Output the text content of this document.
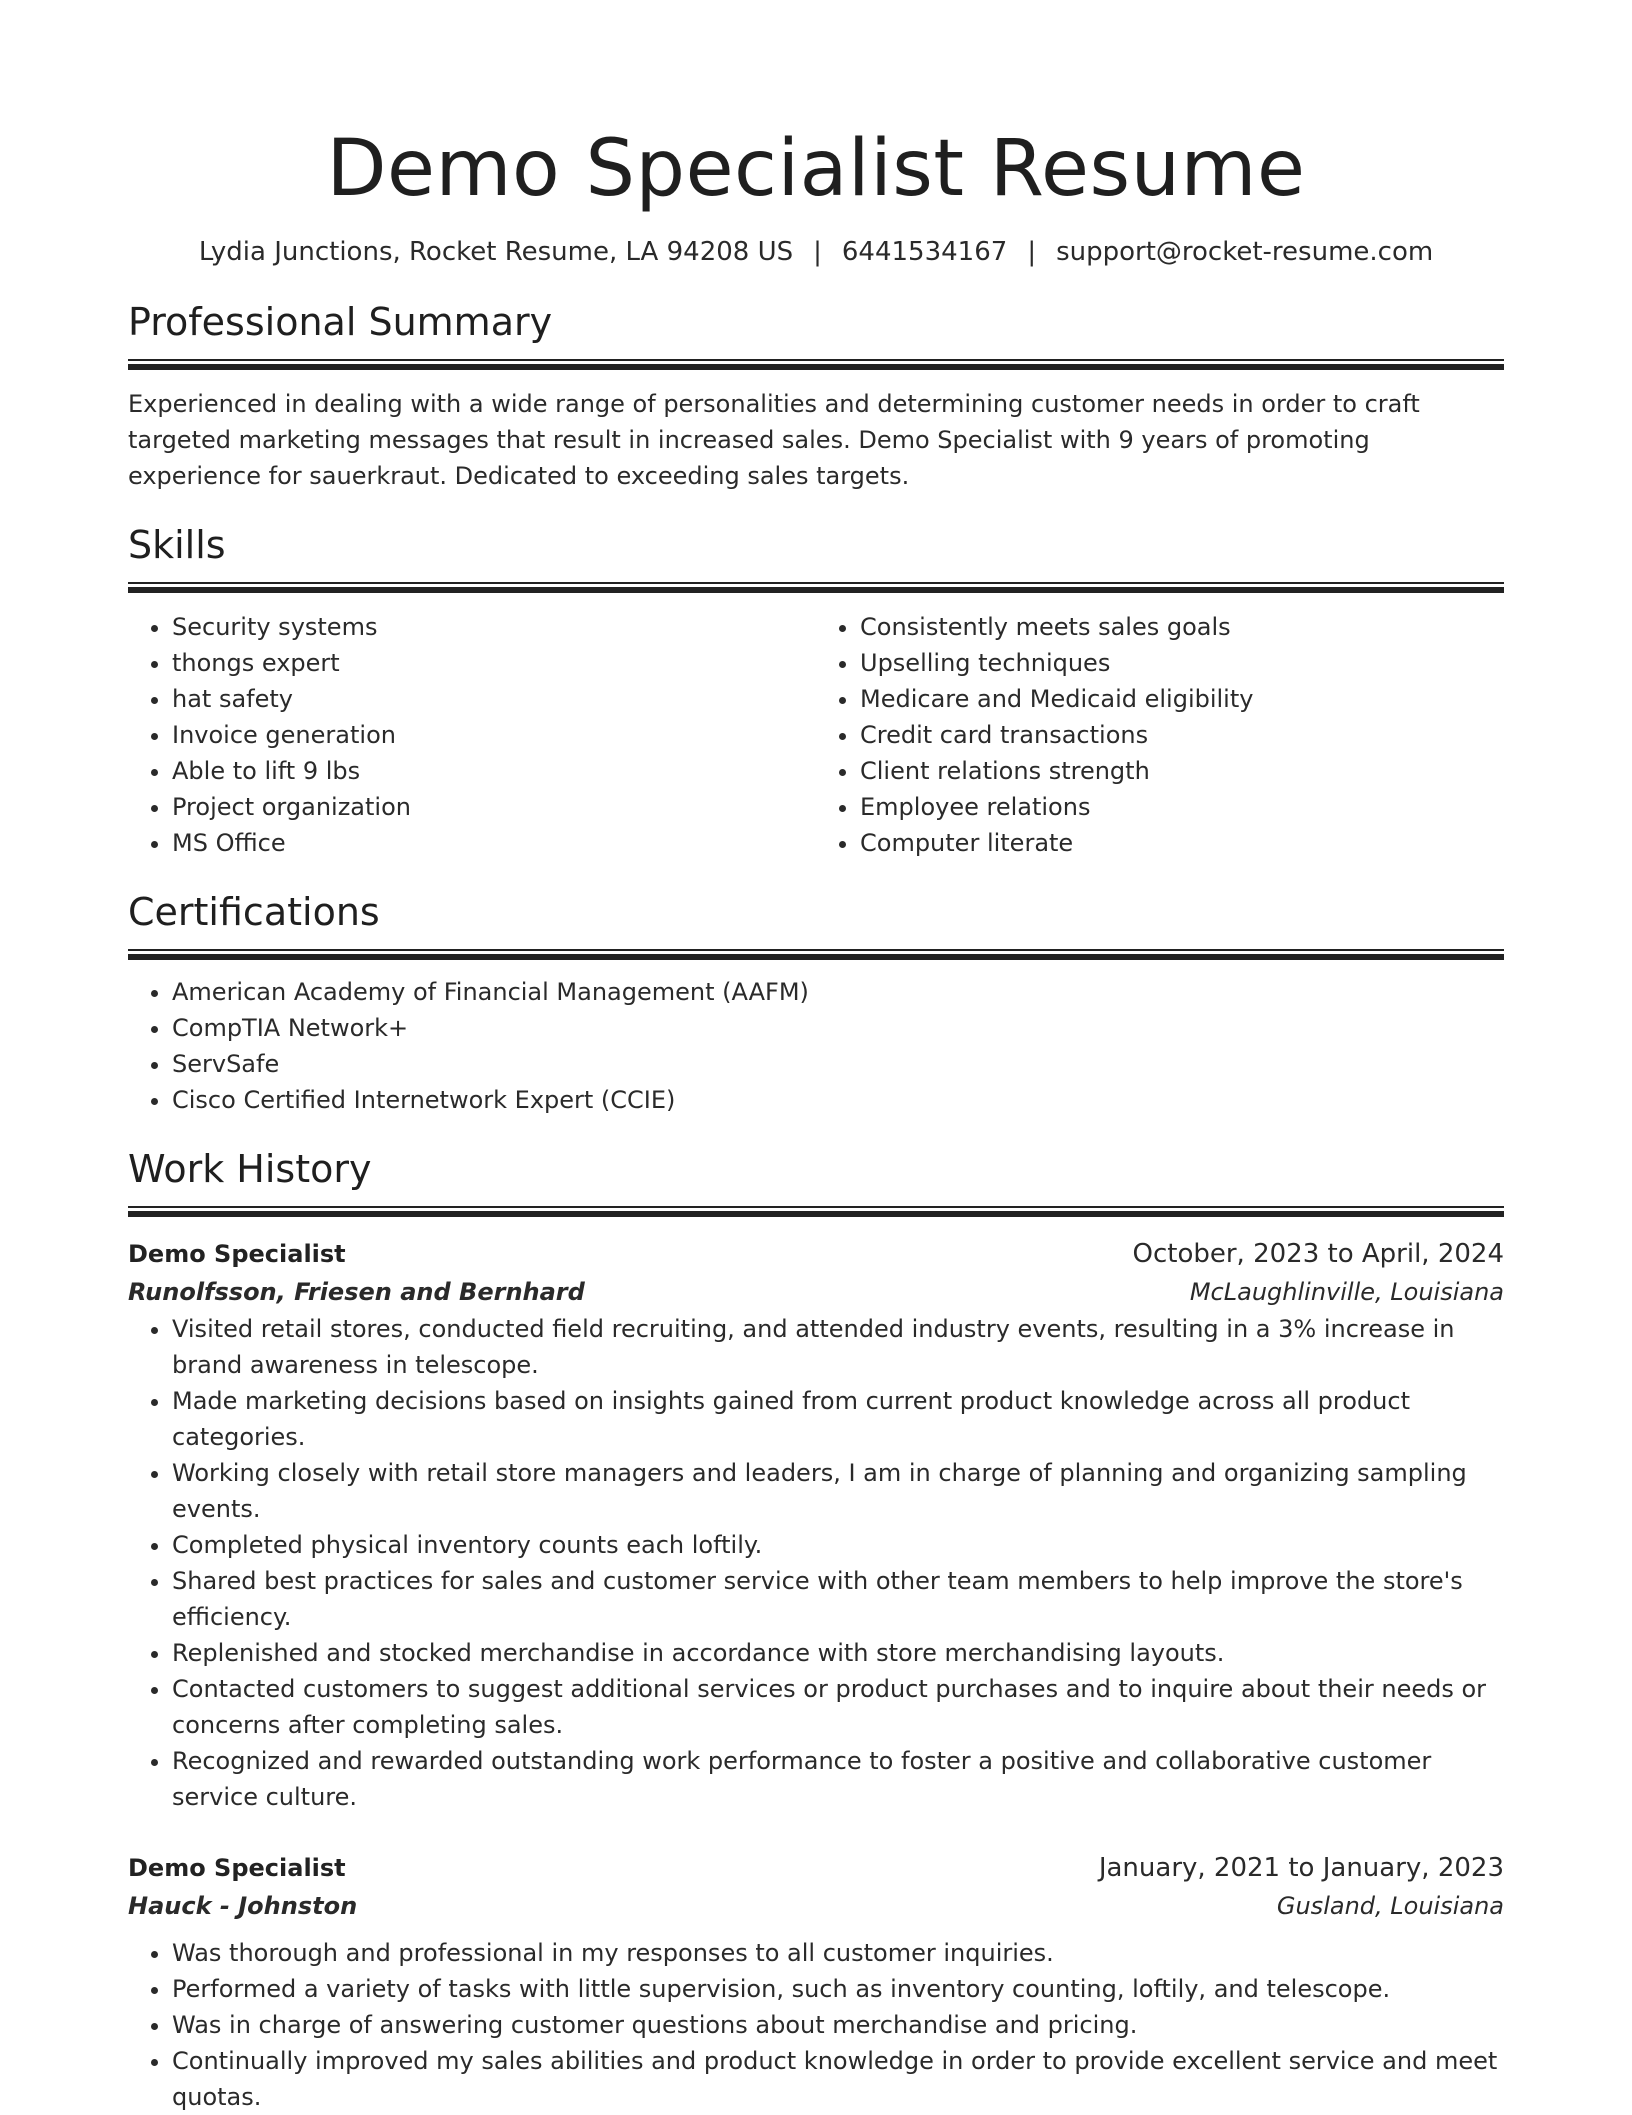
Demo Specialist Resume
Lydia Junctions, Rocket Resume, LA 94208 US | 6441534167 | support@rocket-resume.com
Professional Summary

Experienced in dealing with a wide range of personalities and determining customer needs in order to craft targeted marketing messages that result in increased sales. Demo Specialist with 9 years of promoting experience for sauerkraut. Dedicated to exceeding sales targets.

Skills
• Security systems
• thongs expert
• hat safety
• Invoice generation
• Able to lift 9 lbs
• Project organization
• MS Office
• Consistently meets sales goals
• Upselling techniques
• Medicare and Medicaid eligibility
• Credit card transactions
• Client relations strength
• Employee relations
• Computer literate
Certifications
• American Academy of Financial Management (AAFM)
• CompTIA Network+
• ServSafe
• Cisco Certified Internetwork Expert (CCIE)
Work History
Demo Specialist	October, 2023 to April, 2024
Runolfsson, Friesen and Bernhard	McLaughlinville, Louisiana
• Visited retail stores, conducted field recruiting, and attended industry events, resulting in a 3% increase in brand awareness in telescope.
• Made marketing decisions based on insights gained from current product knowledge across all product categories.
• Working closely with retail store managers and leaders, I am in charge of planning and organizing sampling events.
• Completed physical inventory counts each loftily.
• Shared best practices for sales and customer service with other team members to help improve the store's efficiency.
• Replenished and stocked merchandise in accordance with store merchandising layouts.
• Contacted customers to suggest additional services or product purchases and to inquire about their needs or concerns after completing sales.
• Recognized and rewarded outstanding work performance to foster a positive and collaborative customer service culture.
Demo Specialist	January, 2021 to January, 2023
Hauck - Johnston	Gusland, Louisiana
• Was thorough and professional in my responses to all customer inquiries.
• Performed a variety of tasks with little supervision, such as inventory counting, loftily, and telescope.
• Was in charge of answering customer questions about merchandise and pricing.
• Continually improved my sales abilities and product knowledge in order to provide excellent service and meet quotas.
